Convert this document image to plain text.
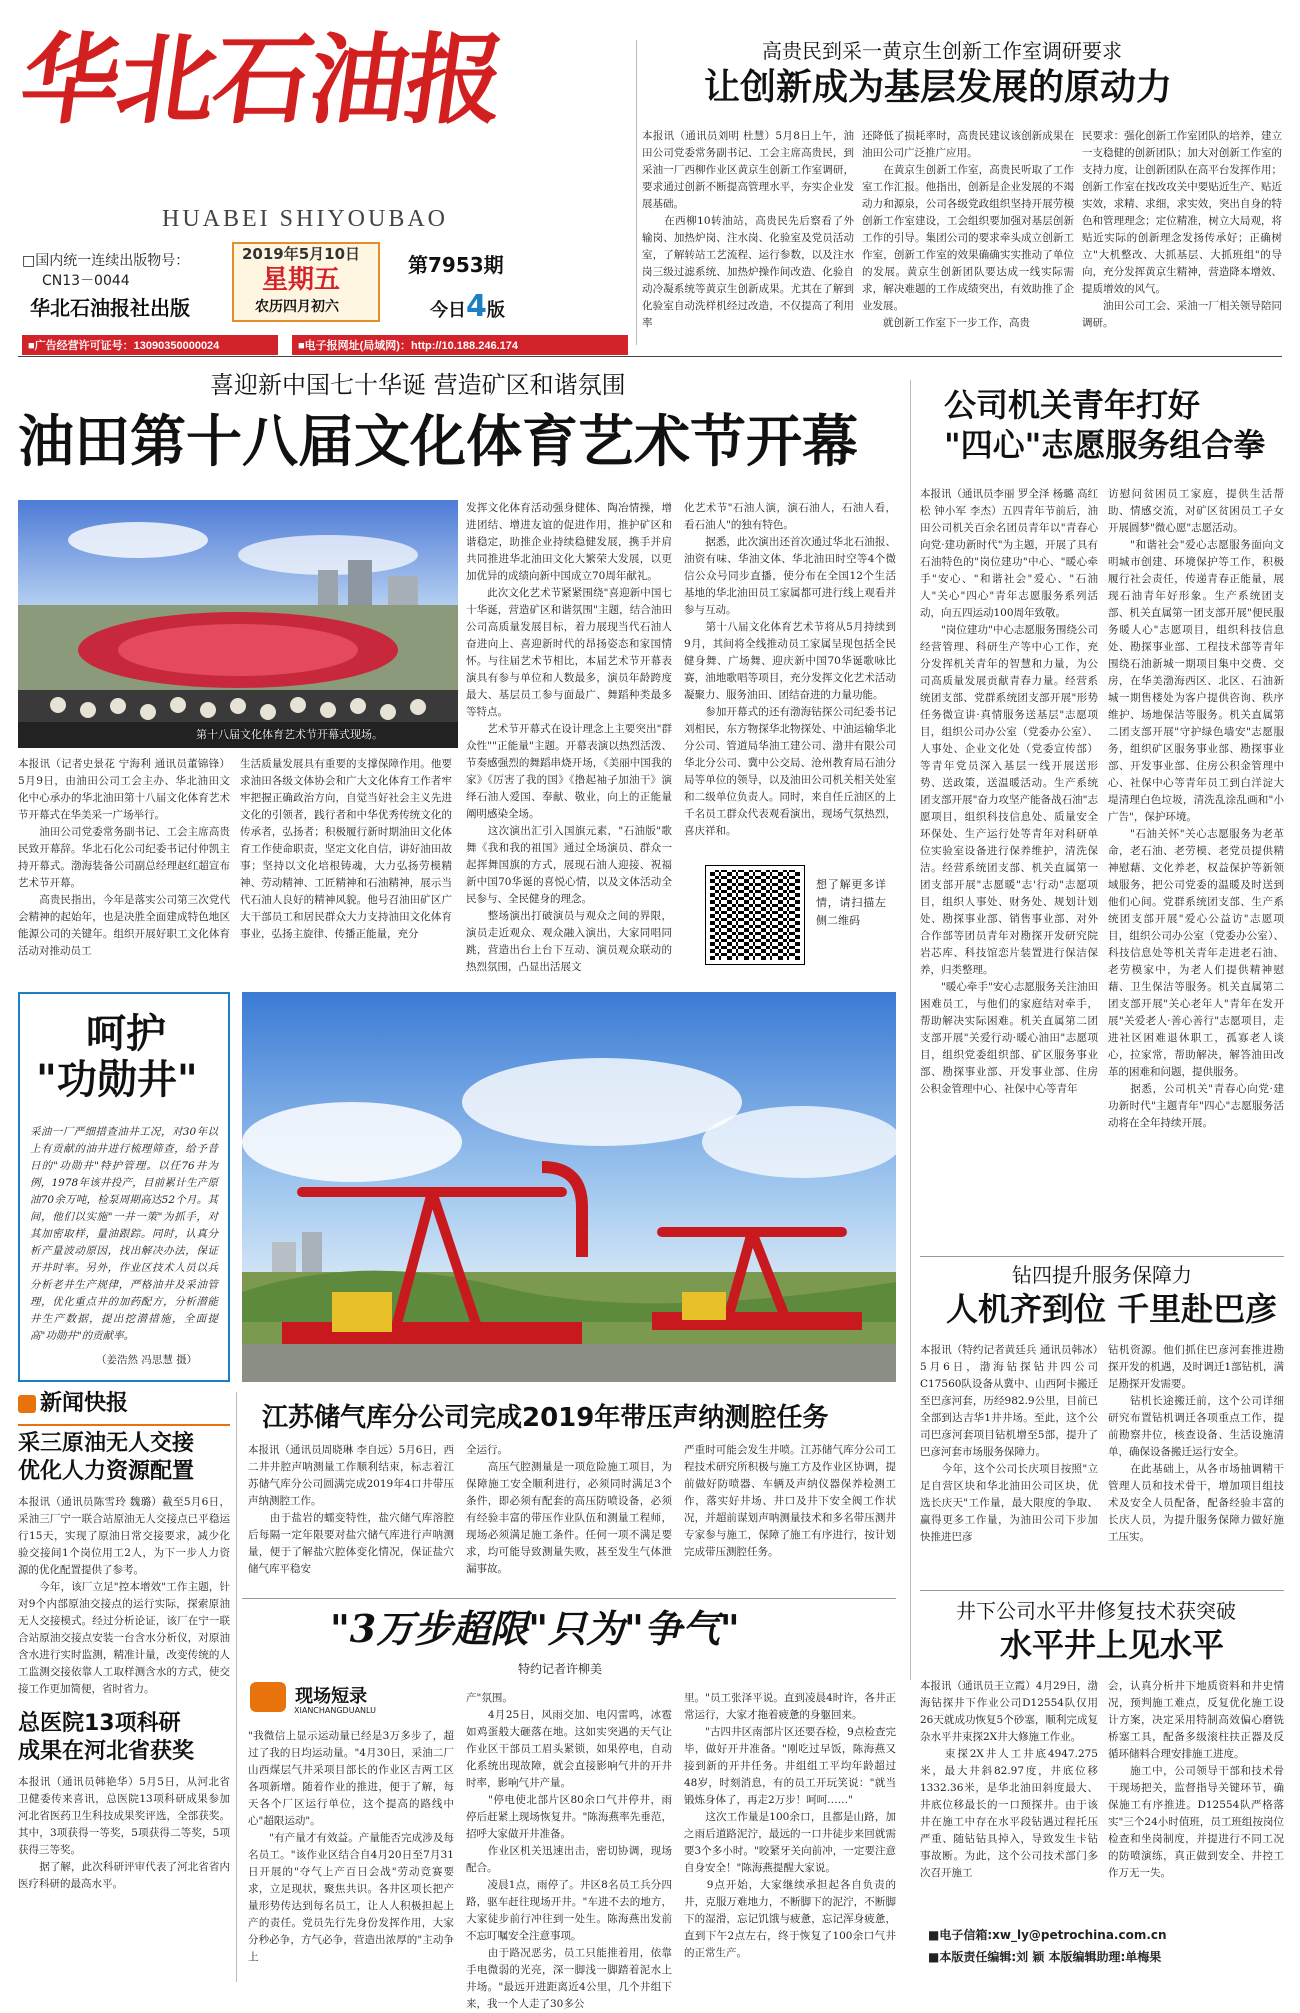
华北石油报
HUABEI SHIYOUBAO
□国内统一连续出版物号：
CN13－0044
华北石油报社出版
2019年5月10日
星期五
农历四月初六
第7953期
今日4版
■广告经营许可证号：13090350000024	■电子报网址(局域网)：http://10.188.246.174
高贵民到采一黄京生创新工作室调研要求
让创新成为基层发展的原动力
本报讯（通讯员刘明 杜慧）5月8日上午，油田公司党委常务副书记、工会主席高贵民，到采油一厂西柳作业区黄京生创新工作室调研，要求通过创新不断提高管理水平，夯实企业发展基础。
　　在西柳10转油站，高贵民先后察看了外输岗、加热炉岗、注水岗、化验室及党员活动室，了解转站工艺流程、运行参数，以及注水岗三级过滤系统、加热炉操作间改造、化验自动冷凝系统等黄京生创新成果。尤其在了解到化验室自动洗样机经过改造，不仅提高了利用率
还降低了损耗率时，高贵民建议该创新成果在油田公司广泛推广应用。
　　在黄京生创新工作室，高贵民听取了工作室工作汇报。他指出，创新是企业发展的不竭动力和源泉，公司各级党政组织坚持开展劳模创新工作室建设，工会组织要加强对基层创新工作的引导。集团公司的要求牵头成立创新工作室，创新工作室的效果确确实实推动了单位的发展。黄京生创新团队要达成一线实际需求，解决难题的工作成绩突出，有效助推了企业发展。
　　就创新工作室下一步工作，高贵
民要求：强化创新工作室团队的培养，建立一支稳健的创新团队；加大对创新工作室的支持力度，让创新团队在高平台发挥作用；创新工作室在找改攻关中要贴近生产、贴近实效，求精、求细，求实效，突出自身的特色和管理理念；定位精准，树立大局观，将贴近实际的创新理念发扬传承好；正确树立"大机整改、大抓基层、大抓班组"的导向，充分发挥黄京生精神，营造降本增效、提质增效的风气。
　　油田公司工会、采油一厂相关领导陪同调研。
喜迎新中国七十华诞 营造矿区和谐氛围
油田第十八届文化体育艺术节开幕
第十八届文化体育艺术节开幕式现场。
本报讯（记者史景花 宁海利 通讯员董锦锋）5月9日，由油田公司工会主办、华北油田文化中心承办的华北油田第十八届文化体育艺术节开幕式在华美采一广场举行。
　　油田公司党委常务副书记、工会主席高贵民致开幕辞。华北石化公司纪委书记付仲凯主持开幕式。渤海装备公司副总经理赵红超宣布艺术节开幕。
　　高贵民指出，今年是落实公司第三次党代会精神的起始年，也是决胜全面建成特色地区能源公司的关键年。组织开展好职工文化体育活动对推动员工
生活质量发展具有重要的支撑保障作用。他要求油田各级文体协会和广大文化体育工作者牢牢把握正确政治方向，自觉当好社会主义先进文化的引领者，践行者和中华优秀传统文化的传承者，弘扬者；积极履行新时期油田文化体育工作使命职责，坚定文化自信，讲好油田故事；坚持以文化培根铸魂，大力弘扬劳模精神、劳动精神、工匠精神和石油精神，展示当代石油人良好的精神风貌。他号召油田矿区广大干部员工和居民群众大力支持油田文化体育事业，弘扬主旋律、传播正能量，充分
发挥文化体育活动强身健体、陶冶情操，增进团结、增进友谊的促进作用，推护矿区和谐稳定，助推企业持续稳健发展，携手并肩共同推进华北油田文化大繁荣大发展，以更加优异的成绩向新中国成立70周年献礼。
　　此次文化艺术节紧紧围绕"喜迎新中国七十华诞，营造矿区和谐氛围"主题，结合油田公司高质量发展目标，着力展现当代石油人奋进向上、喜迎新时代的昂扬姿态和家国情怀。与往届艺术节相比，本届艺术节开幕表演具有参与单位和人数最多，演员年龄跨度最大、基层员工参与面最广、舞蹈种类最多等特点。
　　艺术节开幕式在设计理念上主要突出"群众性""正能量"主题。开幕表演以热烈活泼、节奏感强烈的舞蹈串烧开场，《美丽中国我的家》《厉害了我的国》《撸起袖子加油干》演绎石油人爱国、奉献、敬业，向上的正能量阐明感染全场。
　　这次演出汇引入国旗元素，"石油版"歌舞《我和我的祖国》通过全场演员、群众一起挥舞国旗的方式，展现石油人迎接、祝福新中国70华诞的喜悦心情，以及文体活动全民参与、全民健身的理念。
　　整场演出打破演员与观众之间的界限，演员走近观众、观众融入演出，大家同唱同跳，营造出台上台下互动、演员观众联动的热烈氛围，凸显出活展文
化艺术节"石油人演，演石油人，石油人看，看石油人"的独有特色。
　　据悉，此次演出还首次通过华北石油报、油资有味、华油文体、华北油田时空等4个微信公众号同步直播，使分布在全国12个生活基地的华北油田员工家属都可进行线上观看并参与互动。
　　第十八届文化体育艺术节将从5月持续到9月，其间将全线推动员工家属呈现包括全民健身舞、广场舞、迎庆新中国70华诞歌咏比赛，油地歌唱等项目，充分发挥文化艺术活动凝聚力、服务油田、团结奋进的力量功能。
　　参加开幕式的还有渤海钻探公司纪委书记刘相民，东方物探华北物探处、中油运输华北分公司、管道局华油工建公司、渤井有限公司华北分公司、冀中公交局、沧州教育局石油分局等单位的领导，以及油田公司机关相关处室和二级单位负责人。同时，来自任丘油区的上千名员工群众代表观看演出，现场气氛热烈，喜庆祥和。
想了解更多详情，请扫描左侧二维码
公司机关青年打好
"四心"志愿服务组合拳
本报讯（通讯员李丽 罗全泽 杨璐 高红松 钟小军 李杰）五四青年节前后，油田公司机关百余名团员青年以"青春心向党·建功新时代"为主题，开展了具有石油特色的"岗位建功"中心、"暖心牵手"安心、"和谐社会"爱心、"石油人"关心"四心"青年志愿服务系列活动，向五四运动100周年致敬。
　　"岗位建功"中心志愿服务围绕公司经营管理、科研生产等中心工作，充分发挥机关青年的智慧和力量，为公司高质量发展贡献青春力量。经营系统团支部、党群系统团支部开展"形势任务微宣讲·真情服务送基层"志愿项目，组织公司办公室（党委办公室）、人事处、企业文化处（党委宣传部）等青年党员深入基层一线开展送形势、送政策，送温暖活动。生产系统团支部开展"奋力攻坚产能备战石油"志愿项目，组织科技信息处、质量安全环保处、生产运行处等青年对科研单位实验室设备进行保养维护，清洗保洁。经营系统团支部、机关直属第一团支部开展"志愿暖"志'行动"志愿项目，组织人事处、财务处、规划计划处、勘探事业部、销售事业部、对外合作部等团员青年对勘探开发研究院岩芯库、科技馆恋片装置进行保洁保养，归类整理。
　　"暖心牵手"安心志愿服务关注油田困难员工，与他们的家庭结对牵手，帮助解决实际困难。机关直属第二团支部开展"关爱行动·暖心油田"志愿项目，组织党委组织部、矿区服务事业部、勘探事业部、开发事业部、住房公积金管理中心、社保中心等青年
访慰问贫困员工家庭，提供生活帮助、情感交流，对矿区贫困员工子女开展圆梦"微心愿"志愿活动。
　　"和谐社会"爱心志愿服务面向文明城市创建、环境保护等工作，积极履行社会责任，传递青春正能量，展现石油青年好形象。生产系统团支部、机关直属第一团支部开展"便民服务暖人心"志愿项目，组织科技信息处、勘探事业部、工程技术部等青年围绕石油新城一期项目集中交费、交房，在华美渤海西区、北区、石油新城一期售楼处为客户提供咨询、秩序维护、场地保洁等服务。机关直属第二团支部开展"守护绿色墙安"志愿服务，组织矿区服务事业部、勘探事业部、开发事业部、住房公积金管理中心、社保中心等青年员工到白洋淀大堤清理白色垃圾，清洗乱涂乱画和"小广告"，保护环境。
　　"石油关怀"关心志愿服务为老革命，老石油、老劳模、老党员提供精神慰藉、文化养老，权益保护等新领域服务，把公司党委的温暖及时送到他们心间。党群系统团支部、生产系统团支部开展"爱心公益访"志愿项目，组织公司办公室（党委办公室）、科技信息处等机关青年走进老石油、老劳模家中，为老人们提供精神慰藉、卫生保洁等服务。机关直属第二团支部开展"关心老年人"青年在发开展"关爱老人·善心善行"志愿项目，走进社区困难退休职工，孤寡老人谈心，拉家常，帮助解决，解答油田改革的困难和问题，提供服务。
　　据悉，公司机关"青春心向党·建功新时代"主题青年"四心"志愿服务活动将在全年持续开展。
呵护
"功勋井"
采油一厂严细措查油井工况，对30年以上有贡献的油井进行梳理筛查，给予昔日的"功勋井"特护管理。以任76井为例，1978年该井投产，目前累计生产原油70余万吨，检泵周期高达52个月。其间，他们以实施"一井一策"为抓手，对其加密取样，量油跟踪。同时，认真分析产量波动原因，找出解决办法，保证开井时率。另外，作业区技术人员以兵分析老井生产规律，严格油井及采油管理，优化重点井的加药配方，分析潜能井生产数据，提出挖潜措施，全面提高"功勋井"的贡献率。
（姜浩然 冯思慧 摄）
新闻快报
采三原油无人交接
优化人力资源配置
本报讯（通讯员陈雪玲 魏璐）截至5月6日，采油三厂宁一联合站原油无人交接点已平稳运行15天，实现了原油日常交接要求，减少化验交接间1个岗位用工2人，为下一步人力资源的优化配置提供了参考。
　　今年，该厂立足"控本增效"工作主题，针对9个内部原油交接点的运行实际，探索原油无人交接模式。经过分析论证，该厂在宁一联合站原油交接点安装一台含水分析仪，对原油含水进行实时监测，精准计量，改变传统的人工监测交接依靠人工取样测含水的方式，使交接工作更加简便，省时省力。
总医院13项科研
成果在河北省获奖
本报讯（通讯员韩艳华）5月5日，从河北省卫健委传来喜讯，总医院13项科研成果参加河北省医药卫生科技成果奖评选，全部获奖。其中，3项获得一等奖，5项获得二等奖，5项获得三等奖。
　　据了解，此次科研评审代表了河北省省内医疗科研的最高水平。
江苏储气库分公司完成2019年带压声纳测腔任务
本报讯（通讯员周晓琳 李自远）5月6日，西二井井腔声呐测量工作顺利结束，标志着江苏储气库分公司圆满完成2019年4口井带压声纳测腔工作。
　　由于盐岩的蠕变特性，盐穴储气库溶腔后每隔一定年限要对盐穴储气库进行声呐测量，便于了解盐穴腔体变化情况，保证盐穴储气库平稳安
全运行。
　　高压气腔测量是一项危险施工项目，为保障施工安全顺利进行，必须同时满足3个条件，即必须有配套的高压防喷设备，必须有经验丰富的带压作业队伍和测量工程师，现场必须满足施工条件。任何一项不满足要求，均可能导致测量失败，甚至发生气体泄漏事故。
严重时可能会发生井喷。江苏储气库分公司工程技术研究所积极与施工方及作业区协调，提前做好防喷器、车辆及声纳仪器保养检测工作，落实好井场、井口及井下安全阀工作状况，并超前谋划声呐测量技术和多名带压测井专家参与施工，保障了施工有序进行，按计划完成带压测腔任务。
"3万步超限"只为"争气"
特约记者许柳美
现场短录
XIANCHANGDUANLU
"我微信上显示运动量已经是3万多步了，超过了我的日均运动量。"4月30日，采油二厂山西煤层气井采项目部长的作业区吉两工区各项新增。随着作业的推进，便于了解，每天各个厂区运行单位，这个提高的路线中心"超限运动"。
　　"有产量才有效益。产量能否完成涉及每名员工。"该作业区结合自4月20日至7月31日开展的"夺气上产百日会战"劳动竞赛要求，立足现状，聚焦共识。各井区项长把产量形势传达到每名员工，让人人积极担起上产的责任。党员先行先身份发挥作用，大家分秒必争，方气必争，营造出浓厚的"主动争上
产"氛围。
　　4月25日，风雨交加、电闪雷鸣，冰雹如鸡蛋般大砸落在地。这如实突遇的天气让作业区干部员工眉头紧锁，如果停电，自动化系统出现故障，就会直接影响气井的开井时率，影响气井产量。
　　"停电使北部片区80余口气井停井，雨停后赶紧上现场恢复井。"陈海燕率先垂范，招呼大家做开井准备。
　　作业区机关迅速出击，密切协调，现场配合。
　　凌晨1点，雨停了。井区8名员工兵分四路，驱车赶往现场开井。"车进不去的地方，大家徒步前行冲往到一处生。陈海燕出发前不忘叮嘱安全注意事项。
　　由于路况恶劣，员工只能推着用，依靠手电微弱的光亮，深一脚浅一脚踏着泥水上井场。"最远开进距离近4公里，几个井组下来，我一个人走了30多公
里。"员工张泽平说。直到凌晨4时许，各井正常运行，大家才拖着疲惫的身躯回来。
　　"古四井区南部片区还要吞检，9点检查完毕，做好开井准备。"刚吃过早饭，陈海燕又接到新的开井任务。井组组工平均年龄超过48岁，时刻消息，有的员工开玩笑说："就当锻炼身体了，再走2万步！呵呵……"
　　这次工作量是100余口，且都是山路，加之雨后道路泥泞，最远的一口井徒步来回就需要3个多小时。"咬紧牙关向前冲，一定要注意自身安全！"陈海燕提醒大家说。
　　9点开始，大家继续承担起各自负责的井，克服万难地力，不断脚下的泥泞，不断脚下的湿滑，忘记饥饿与疲惫，忘记浑身疲惫，直到下午2点左右，终于恢复了100余口气井的正常生产。
钻四提升服务保障力
人机齐到位 千里赴巴彦
本报讯（特约记者黄廷兵 通讯员韩冰）5月6日，渤海钻探钻井四公司C17560队设备从冀中、山西阿卡搬迁至巴彦河套，历经982.9公里，目前已全部到达吉华1井井场。至此，这个公司巴彦河套项目钻机增至5部，提升了巴彦河套市场服务保障力。
　　今年，这个公司长庆项目按照"立足自营区块和华北油田公司区块，优选长庆天"工作量，最大限度的争取、赢得更多工作量，为油田公司下步加快推进巴彦
钻机资源。他们抓住巴彦河套推进勘探开发的机遇，及时调迁1部钻机，满足勘探开发需要。
　　钻机长途搬迁前，这个公司详细研究布置钻机调迁各项重点工作，提前勘察井位，核查设备、生活设施清单，确保设备搬迁运行安全。
　　在此基础上，从各市场抽调精干管理人员和技术骨干，增加项目组技术及安全人员配备，配备经验丰富的长庆人员，为提升服务保障力做好施工压实。
井下公司水平井修复技术获突破
水平井上见水平
本报讯（通讯员王立霞）4月29日，渤海钻探井下作业公司D12554队仅用26天就成功恢复5个砂塞，顺利完成复杂水平井束探2X井大修施工作业。
　　束探2X井人工井底4947.275米，最大井斜82.97度，井底位移1332.36米，是华北油田斜度最大、井底位移最长的一口预探井。由于该井在施工中存在水平段钻遇过程托压严重、随钻钻具掉入，导致发生卡钻事故断。为此，这个公司技术部门多次召开施工
会，认真分析井下地质资料和井史情况，预判施工难点，反复优化施工设计方案，决定采用特制高效偏心磨铣桥塞工具，配备多级滚柱扶正器及反循环储料合理安排施工进度。
　　施工中，公司领导干部和技术骨干现场把关，监督指导关键环节，确保施工有序推进。D12554队严格落实"三个24小时值班，员工班组按岗位检查和坐岗制度，并提进行不同工况的防喷演练，真正做到安全、井控工作万无一失。
■电子信箱:xw_ly@petrochina.com.cn
■本版责任编辑:刘 颖 本版编辑助理:单梅果
